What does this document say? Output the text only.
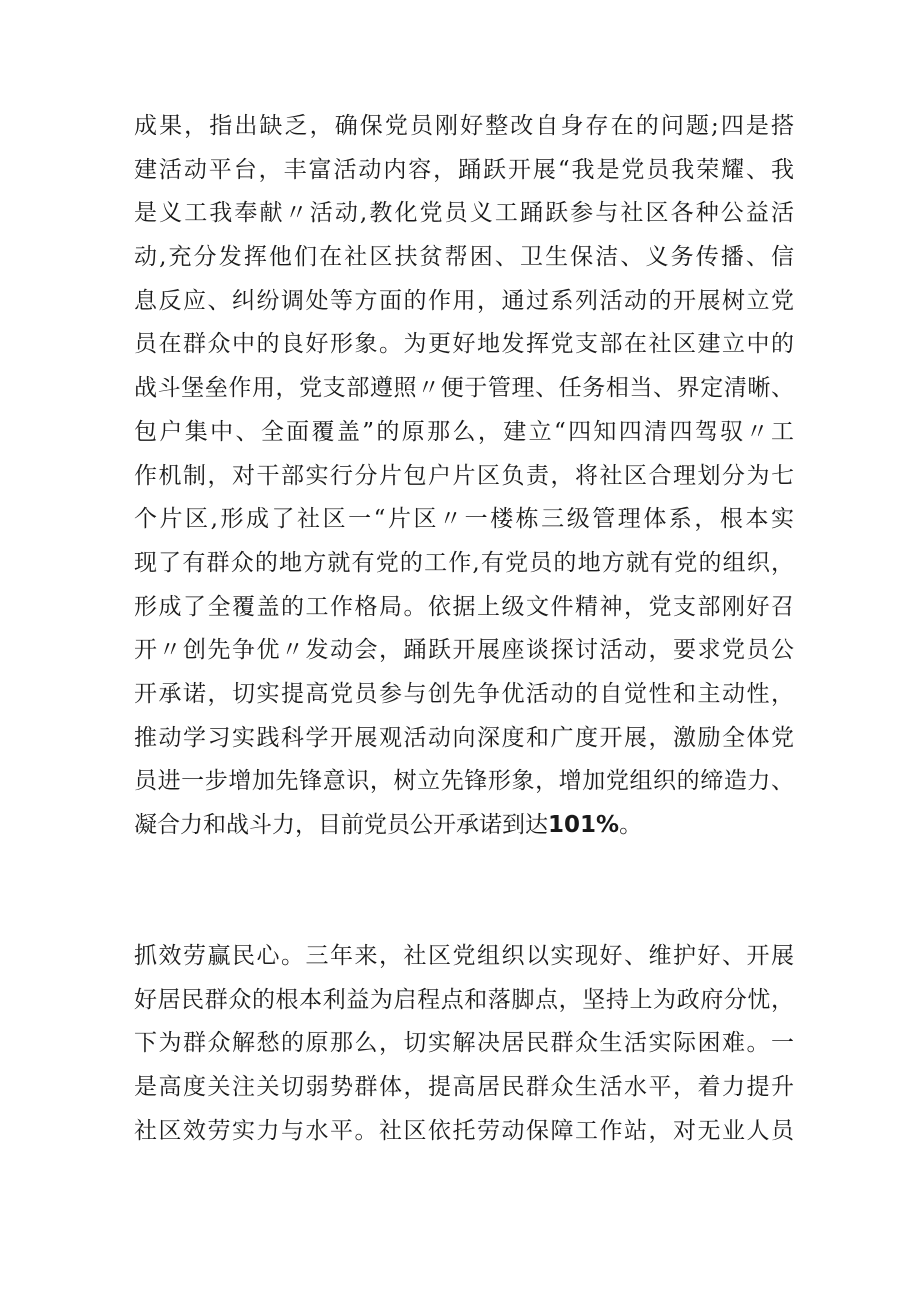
成果，指出缺乏，确保党员刚好整改自身存在的问题;四是搭
建活动平台，丰富活动内容，踊跃开展“我是党员我荣耀、我
是义工我奉献〃活动,教化党员义工踊跃参与社区各种公益活
动,充分发挥他们在社区扶贫帮困、卫生保洁、义务传播、信
息反应、纠纷调处等方面的作用，通过系列活动的开展树立党
员在群众中的良好形象。为更好地发挥党支部在社区建立中的
战斗堡垒作用，党支部遵照〃便于管理、任务相当、界定清晰、
包户集中、全面覆盖”的原那么，建立“四知四清四驾驭〃工
作机制，对干部实行分片包户片区负责，将社区合理划分为七
个片区,形成了社区一“片区〃一楼栋三级管理体系，根本实
现了有群众的地方就有党的工作,有党员的地方就有党的组织，
形成了全覆盖的工作格局。依据上级文件精神，党支部刚好召
开〃创先争优〃发动会，踊跃开展座谈探讨活动，要求党员公
开承诺，切实提高党员参与创先争优活动的自觉性和主动性，
推动学习实践科学开展观活动向深度和广度开展，激励全体党
员进一步增加先锋意识，树立先锋形象，增加党组织的缔造力、
凝合力和战斗力，目前党员公开承诺到达101%。
抓效劳赢民心。三年来，社区党组织以实现好、维护好、开展
好居民群众的根本利益为启程点和落脚点，坚持上为政府分忧，
下为群众解愁的原那么，切实解决居民群众生活实际困难。一
是高度关注关切弱势群体，提高居民群众生活水平，着力提升
社区效劳实力与水平。社区依托劳动保障工作站，对无业人员
